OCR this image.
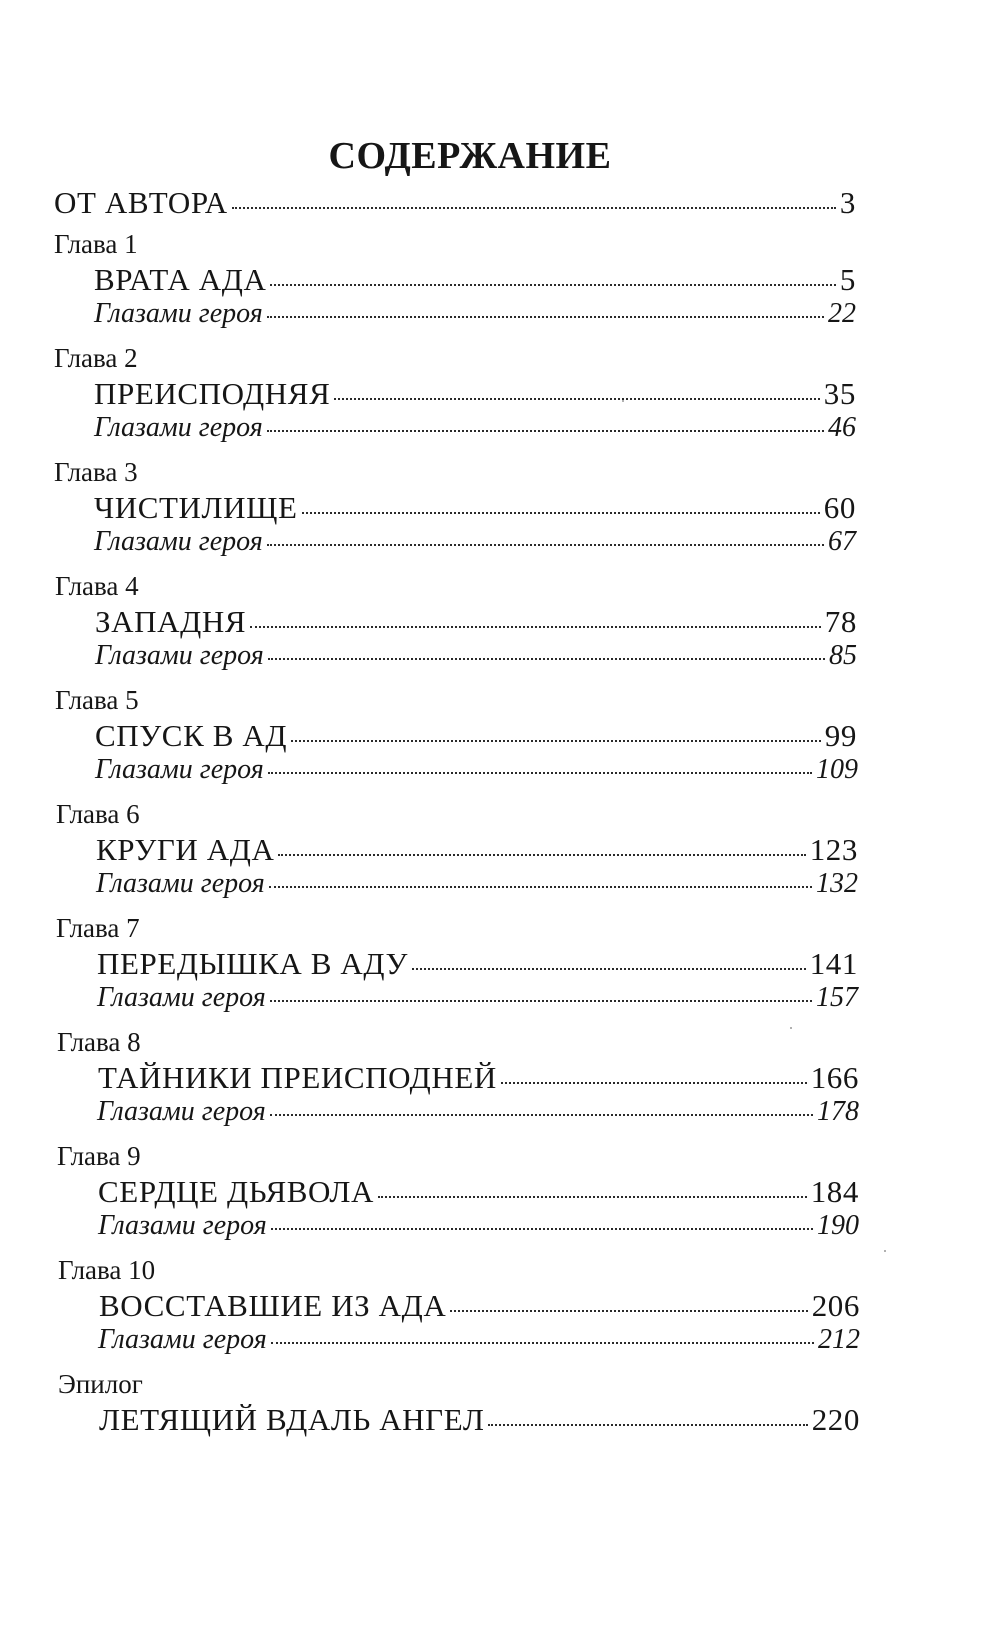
СОДЕРЖАНИЕ
ОТ АВТОРА	3
Глава 1
ВРАТА АДА	5
Глазами героя	22
Глава 2
ПРЕИСПОДНЯЯ	35
Глазами героя	46
Глава 3
ЧИСТИЛИЩЕ	60
Глазами героя	67
Глава 4
ЗАПАДНЯ	78
Глазами героя	85
Глава 5
СПУСК В АД	99
Глазами героя	109
Глава 6
КРУГИ АДА	123
Глазами героя	132
Глава 7
ПЕРЕДЫШКА В АДУ	141
Глазами героя	157
Глава 8
ТАЙНИКИ ПРЕИСПОДНЕЙ	166
Глазами героя	178
Глава 9
СЕРДЦЕ ДЬЯВОЛА	184
Глазами героя	190
Глава 10
ВОССТАВШИЕ ИЗ АДА	206
Глазами героя	212
Эпилог
ЛЕТЯЩИЙ ВДАЛЬ АНГЕЛ	220
